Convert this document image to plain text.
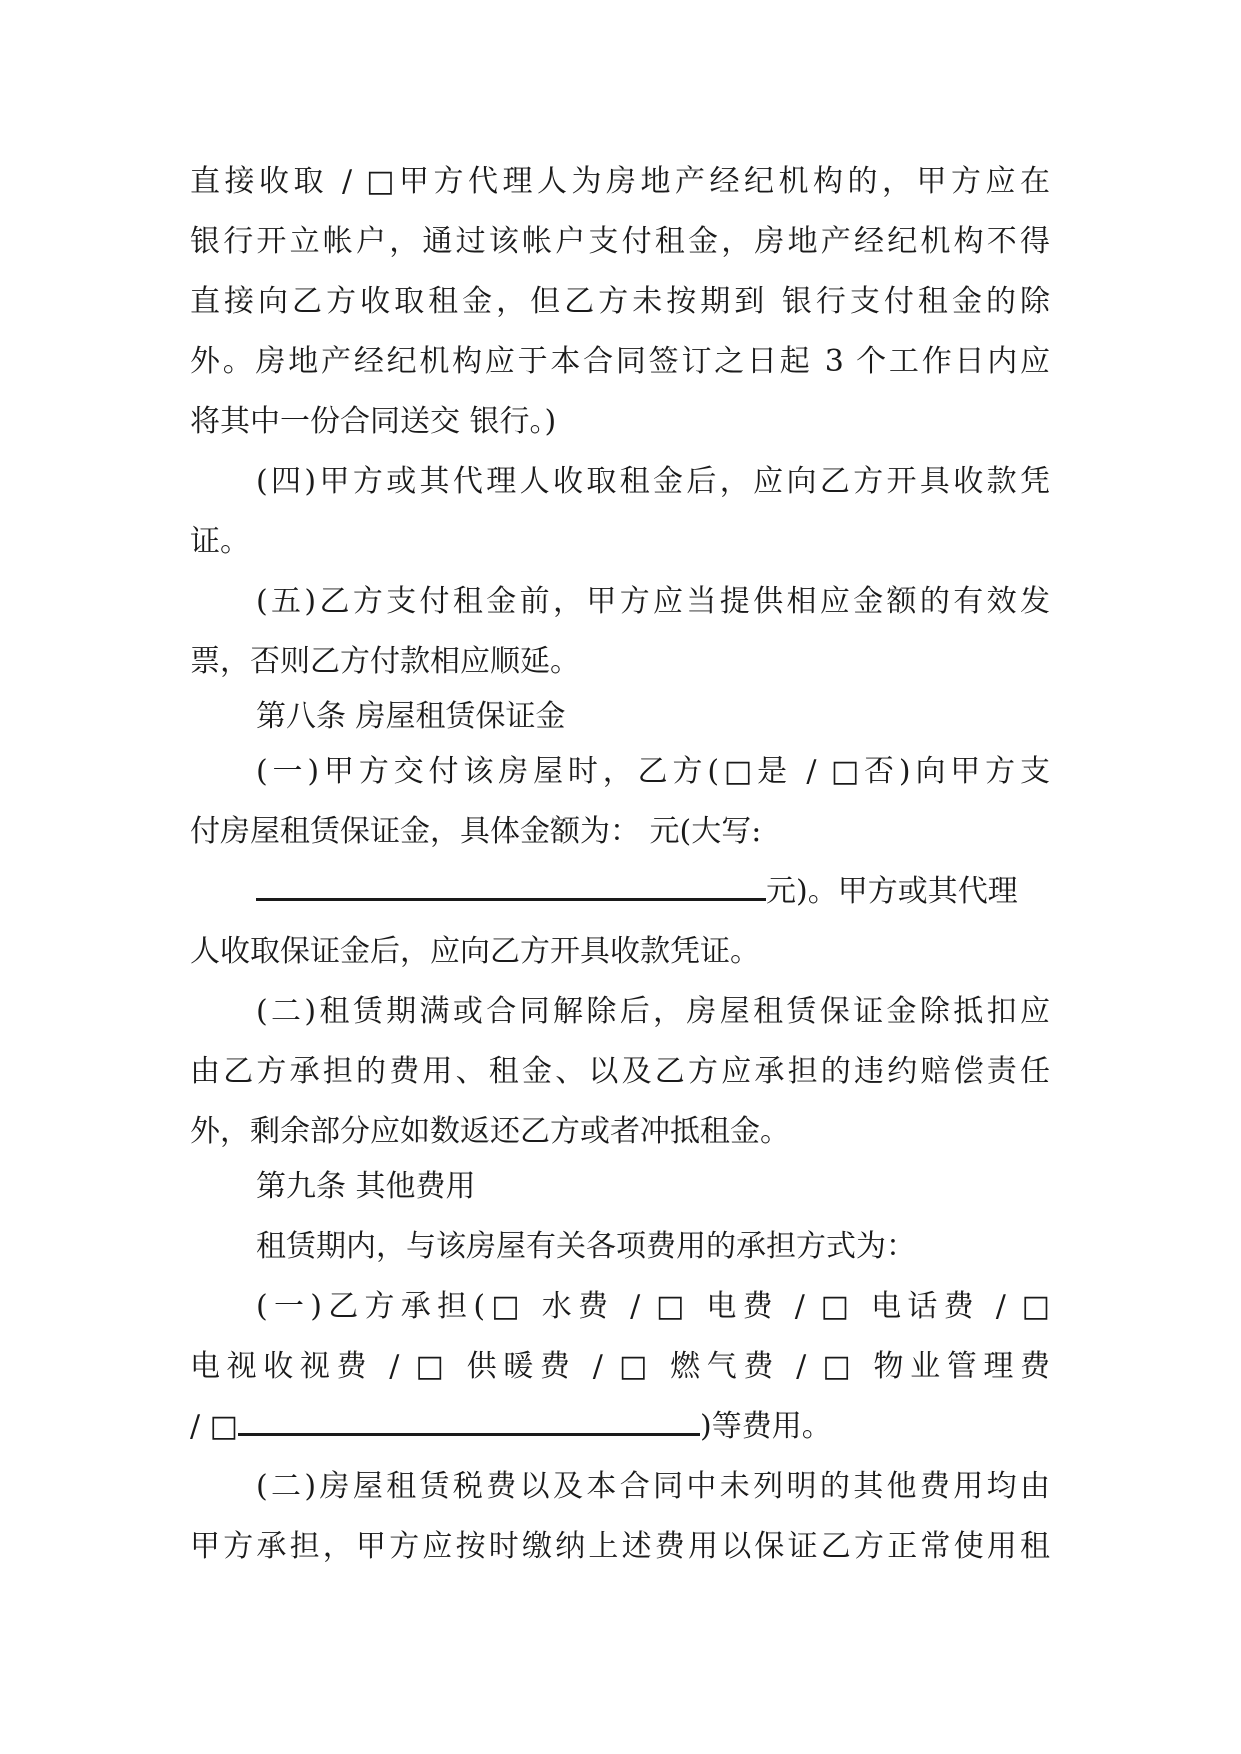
直接收取 / □甲方代理人为房地产经纪机构的，甲方应在
银行开立帐户，通过该帐户支付租金，房地产经纪机构不得
直接向乙方收取租金，但乙方未按期到 银行支付租金的除
外。房地产经纪机构应于本合同签订之日起 3 个工作日内应
将其中一份合同送交 银行。)
(四)甲方或其代理人收取租金后，应向乙方开具收款凭
证。
(五)乙方支付租金前，甲方应当提供相应金额的有效发
票，否则乙方付款相应顺延。
第八条 房屋租赁保证金
(一)甲方交付该房屋时，乙方(□是 / □否)向甲方支
付房屋租赁保证金，具体金额为： 元(大写:
元)。甲方或其代理
人收取保证金后，应向乙方开具收款凭证。
(二)租赁期满或合同解除后，房屋租赁保证金除抵扣应
由乙方承担的费用、租金、以及乙方应承担的违约赔偿责任
外，剩余部分应如数返还乙方或者冲抵租金。
第九条 其他费用
租赁期内，与该房屋有关各项费用的承担方式为：
(一)乙方承担(□ 水费 / □ 电费 / □ 电话费 / □
电视收视费 / □ 供暖费 / □ 燃气费 / □ 物业管理费
/ □	)等费用。
(二)房屋租赁税费以及本合同中未列明的其他费用均由
甲方承担，甲方应按时缴纳上述费用以保证乙方正常使用租
